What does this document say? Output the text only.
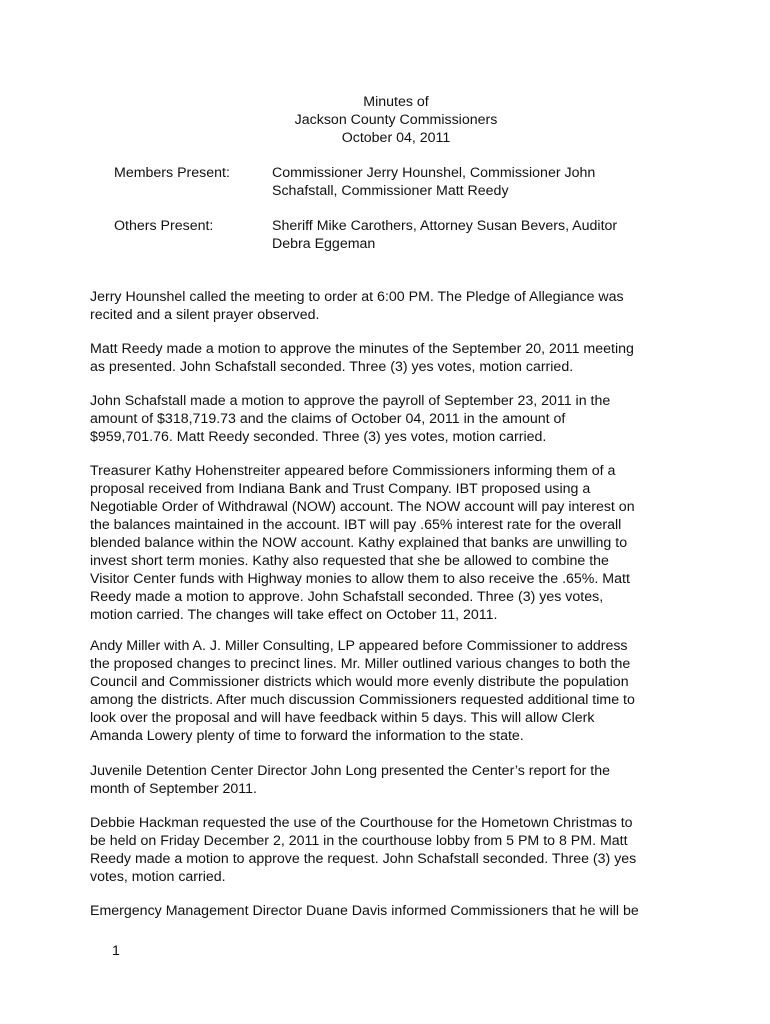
Minutes of
Jackson County Commissioners
October 04, 2011
Members Present:	Commissioner Jerry Hounshel, Commissioner John
Schafstall, Commissioner Matt Reedy
Others Present:	Sheriff Mike Carothers, Attorney Susan Bevers, Auditor
Debra Eggeman
Jerry Hounshel called the meeting to order at 6:00 PM. The Pledge of Allegiance was
recited and a silent prayer observed.
Matt Reedy made a motion to approve the minutes of the September 20, 2011 meeting
as presented. John Schafstall seconded. Three (3) yes votes, motion carried.
John Schafstall made a motion to approve the payroll of September 23, 2011 in the
amount of $318,719.73 and the claims of October 04, 2011 in the amount of
$959,701.76. Matt Reedy seconded. Three (3) yes votes, motion carried.
Treasurer Kathy Hohenstreiter appeared before Commissioners informing them of a
proposal received from Indiana Bank and Trust Company. IBT proposed using a
Negotiable Order of Withdrawal (NOW) account. The NOW account will pay interest on
the balances maintained in the account. IBT will pay .65% interest rate for the overall
blended balance within the NOW account. Kathy explained that banks are unwilling to
invest short term monies. Kathy also requested that she be allowed to combine the
Visitor Center funds with Highway monies to allow them to also receive the .65%. Matt
Reedy made a motion to approve. John Schafstall seconded. Three (3) yes votes,
motion carried. The changes will take effect on October 11, 2011.
Andy Miller with A. J. Miller Consulting, LP appeared before Commissioner to address
the proposed changes to precinct lines. Mr. Miller outlined various changes to both the
Council and Commissioner districts which would more evenly distribute the population
among the districts. After much discussion Commissioners requested additional time to
look over the proposal and will have feedback within 5 days. This will allow Clerk
Amanda Lowery plenty of time to forward the information to the state.
Juvenile Detention Center Director John Long presented the Center’s report for the
month of September 2011.
Debbie Hackman requested the use of the Courthouse for the Hometown Christmas to
be held on Friday December 2, 2011 in the courthouse lobby from 5 PM to 8 PM. Matt
Reedy made a motion to approve the request. John Schafstall seconded. Three (3) yes
votes, motion carried.
Emergency Management Director Duane Davis informed Commissioners that he will be
1
